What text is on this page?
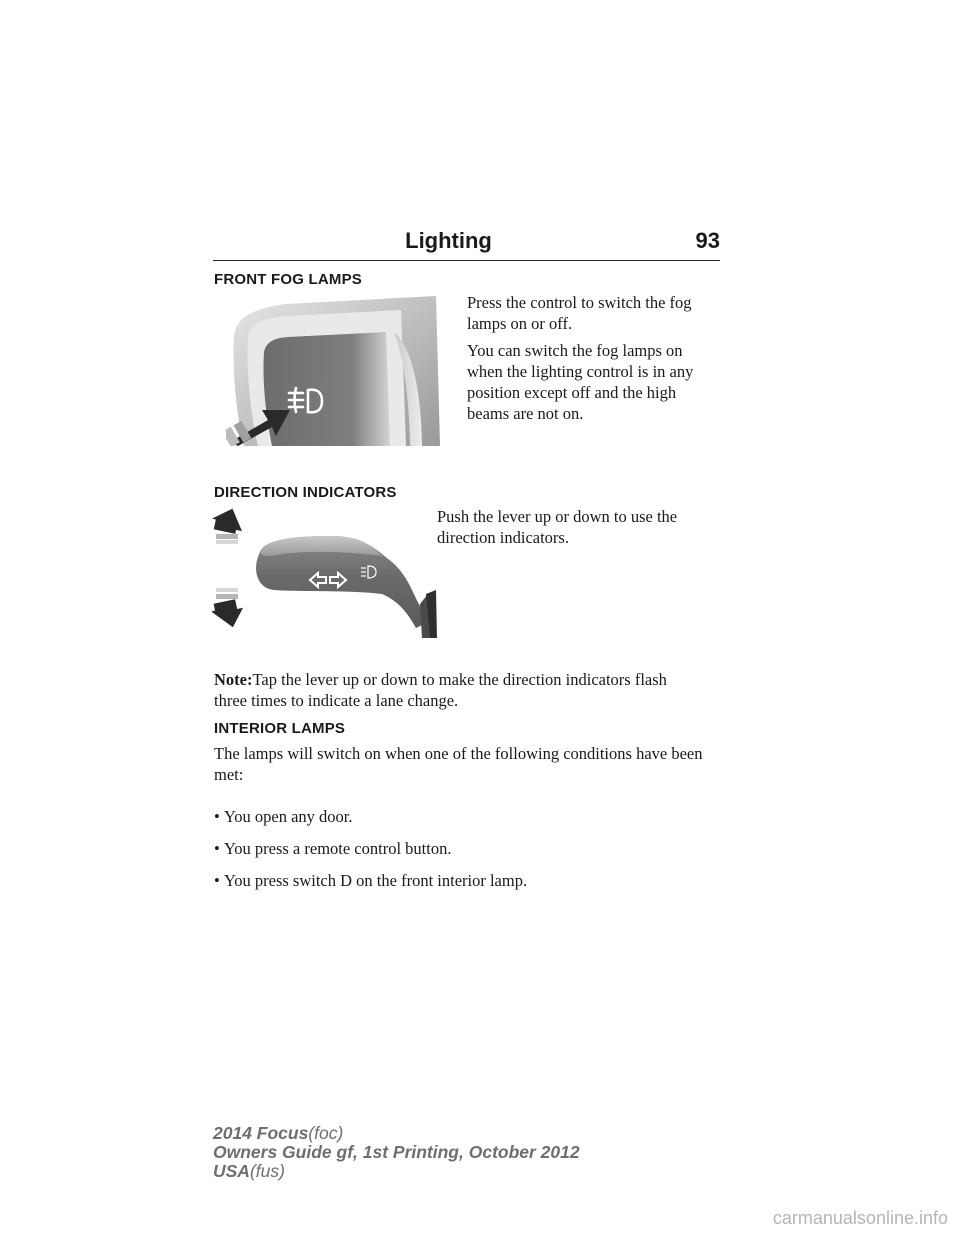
Lighting	93
FRONT FOG LAMPS

Press the control to switch the fog
lamps on or off.

You can switch the fog lamps on
when the lighting control is in any
position except off and the high
beams are not on.

DIRECTION INDICATORS

Push the lever up or down to use the
direction indicators.

Note:Tap the lever up or down to make the direction indicators flash
three times to indicate a lane change.

INTERIOR LAMPS

The lamps will switch on when one of the following conditions have been
met:

• You open any door.
• You press a remote control button.
• You press switch D on the front interior lamp.
2014 Focus(foc)
Owners Guide gf, 1st Printing, October 2012
USA(fus)
carmanualsonline.info
